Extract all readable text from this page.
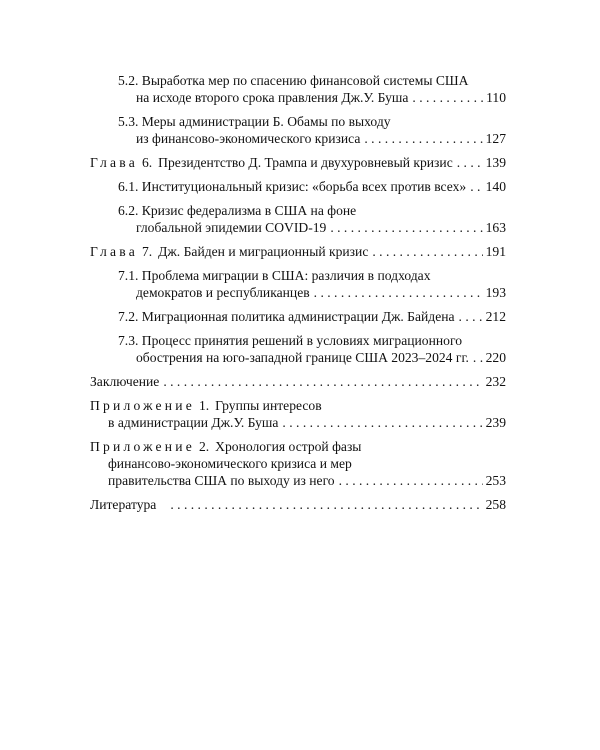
5.2. Выработка мер по спасению финансовой системы США
на исходе второго срока правления Дж.У. Буша . . .	110
5.3. Меры администрации Б. Обамы по выходу
из финансово-экономического кризиса . . .	127
Глава 6. Президентство Д. Трампа и двухуровневый кризис . . . 139
6.1. Институциональный кризис: «борьба всех против всех» . . . 140
6.2. Кризис федерализма в США на фоне
глобальной эпидемии COVID-19 . . .	163
Глава 7. Дж. Байден и миграционный кризис . . .	191
7.1. Проблема миграции в США: различия в подходах
демократов и республиканцев . . .	193
7.2. Миграционная политика администрации Дж. Байдена . . . 212
7.3. Процесс принятия решений в условиях миграционного
обострения на юго-западной границе США 2023–2024 гг. . . . 220
Заключение . . .	232
Приложение 1. Группы интересов
в администрации Дж.У. Буша . . .	239
Приложение 2. Хронология острой фазы
финансово-экономического кризиса и мер
правительства США по выходу из него . . .	253
Литература . . .	258
